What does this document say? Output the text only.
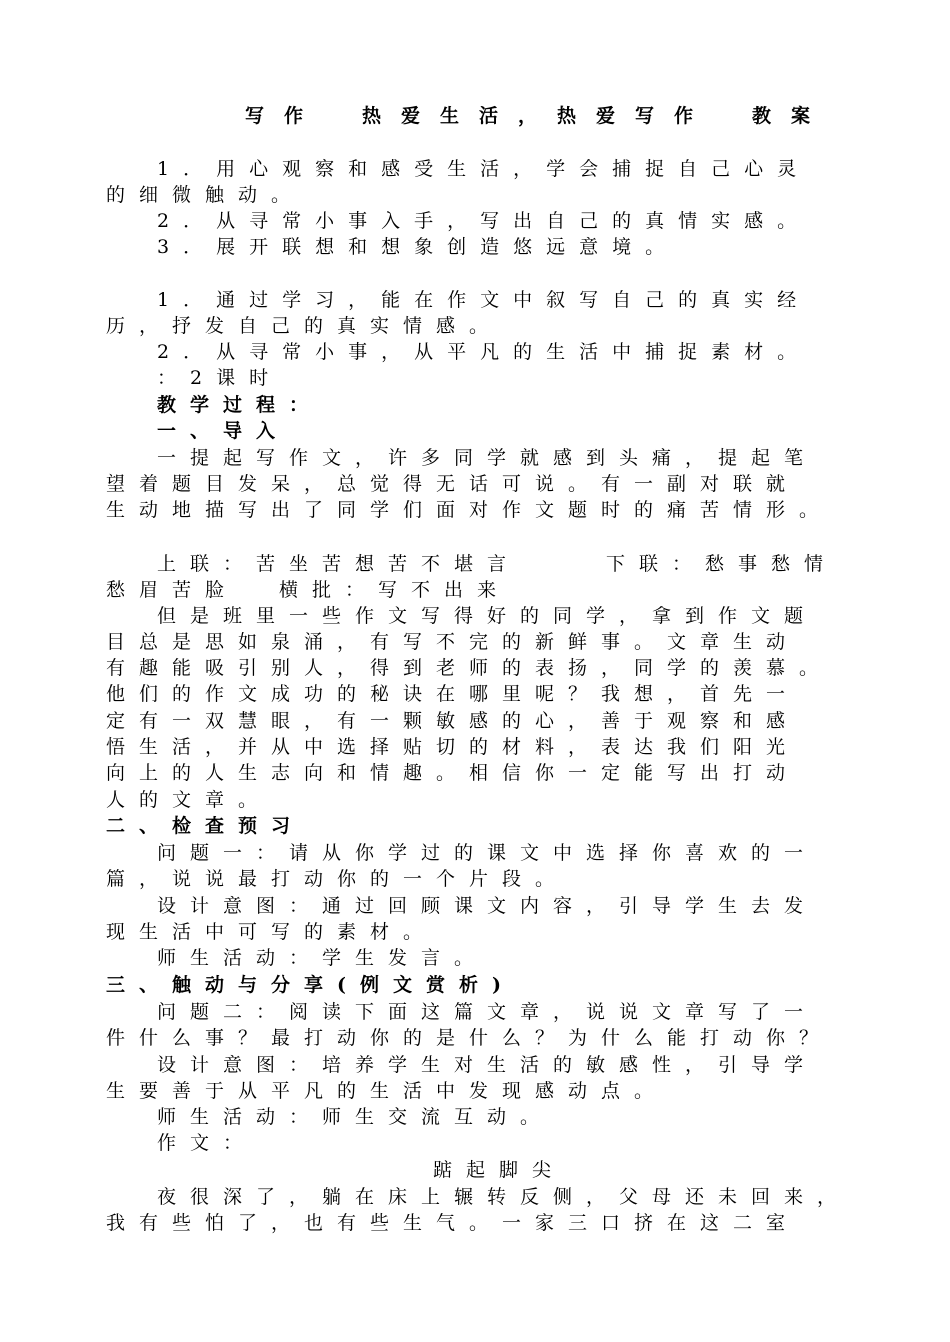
写作　热爱生活，热爱写作　教案
1．用心观察和感受生活，学会捕捉自己心灵
的细微触动。
2．从寻常小事入手，写出自己的真情实感。
3．展开联想和想象创造悠远意境。
1．通过学习，能在作文中叙写自己的真实经
历，抒发自己的真实情感。
2．从寻常小事，从平凡的生活中捕捉素材。
：2课时
教学过程：
一、导入
一提起写作文，许多同学就感到头痛，提起笔
望着题目发呆，总觉得无话可说。有一副对联就
生动地描写出了同学们面对作文题时的痛苦情形。
上联：苦坐苦想苦不堪言	下联：愁事愁情
愁眉苦脸 横批：写不出来
但是班里一些作文写得好的同学，拿到作文题
目总是思如泉涌，有写不完的新鲜事。文章生动
有趣能吸引别人，得到老师的表扬，同学的羡慕。
他们的作文成功的秘诀在哪里呢？我想，首先一
定有一双慧眼，有一颗敏感的心，善于观察和感
悟生活，并从中选择贴切的材料，表达我们阳光
向上的人生志向和情趣。相信你一定能写出打动
人的文章。
二、检查预习
问题一：请从你学过的课文中选择你喜欢的一
篇，说说最打动你的一个片段。
设计意图：通过回顾课文内容，引导学生去发
现生活中可写的素材。
师生活动：学生发言。
三、触动与分享(例文赏析)
问题二：阅读下面这篇文章，说说文章写了一
件什么事？最打动你的是什么？为什么能打动你？
设计意图：培养学生对生活的敏感性，引导学
生要善于从平凡的生活中发现感动点。
师生活动：师生交流互动。
作文：
踮起脚尖
夜很深了，躺在床上辗转反侧，父母还未回来，
我有些怕了，也有些生气。一家三口挤在这二室
